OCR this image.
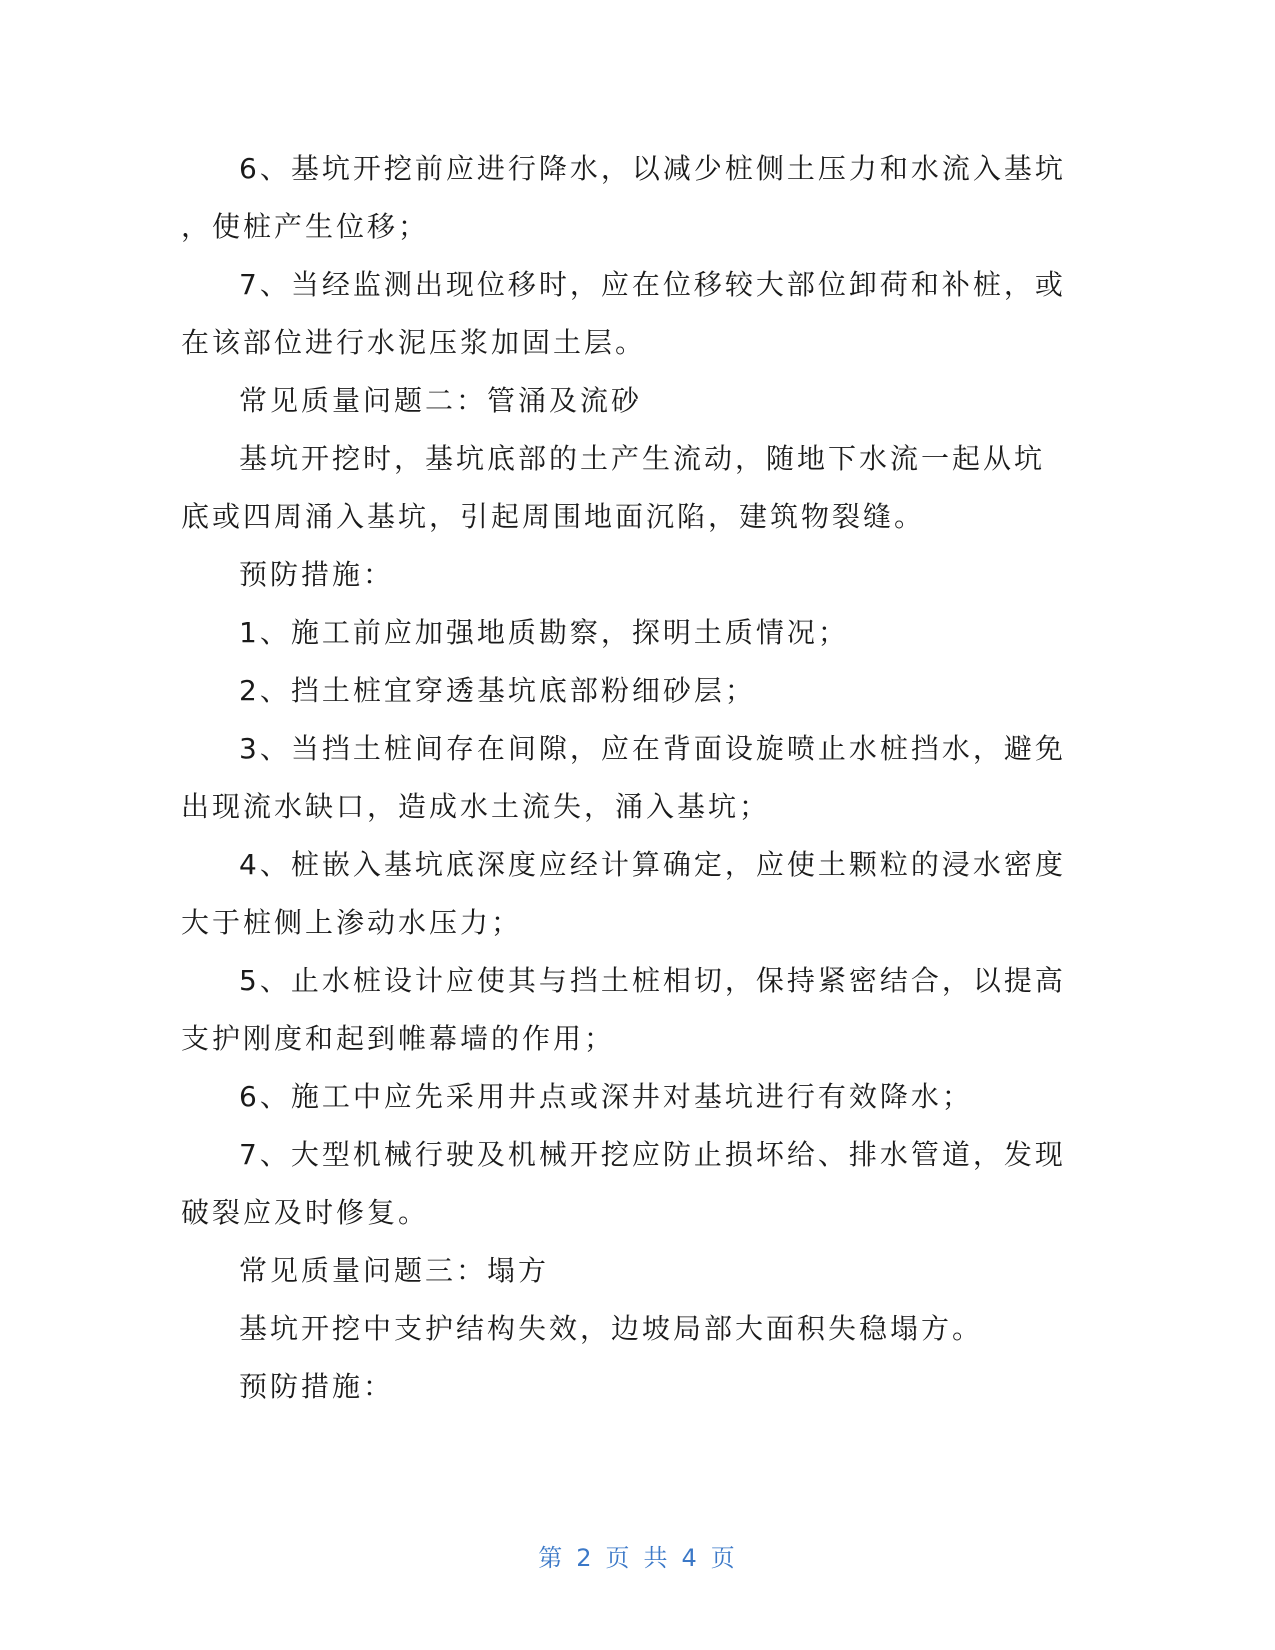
6、基坑开挖前应进行降水，以减少桩侧土压力和水流入基坑
，使桩产生位移；
7、当经监测出现位移时，应在位移较大部位卸荷和补桩，或
在该部位进行水泥压浆加固土层。
常见质量问题二：管涌及流砂
基坑开挖时，基坑底部的土产生流动，随地下水流一起从坑
底或四周涌入基坑，引起周围地面沉陷，建筑物裂缝。
预防措施：
1、施工前应加强地质勘察，探明土质情况；
2、挡土桩宜穿透基坑底部粉细砂层；
3、当挡土桩间存在间隙，应在背面设旋喷止水桩挡水，避免
出现流水缺口，造成水土流失，涌入基坑；
4、桩嵌入基坑底深度应经计算确定，应使土颗粒的浸水密度
大于桩侧上渗动水压力；
5、止水桩设计应使其与挡土桩相切，保持紧密结合，以提高
支护刚度和起到帷幕墙的作用；
6、施工中应先采用井点或深井对基坑进行有效降水；
7、大型机械行驶及机械开挖应防止损坏给、排水管道，发现
破裂应及时修复。
常见质量问题三：塌方
基坑开挖中支护结构失效，边坡局部大面积失稳塌方。
预防措施：
第 2 页 共 4 页
